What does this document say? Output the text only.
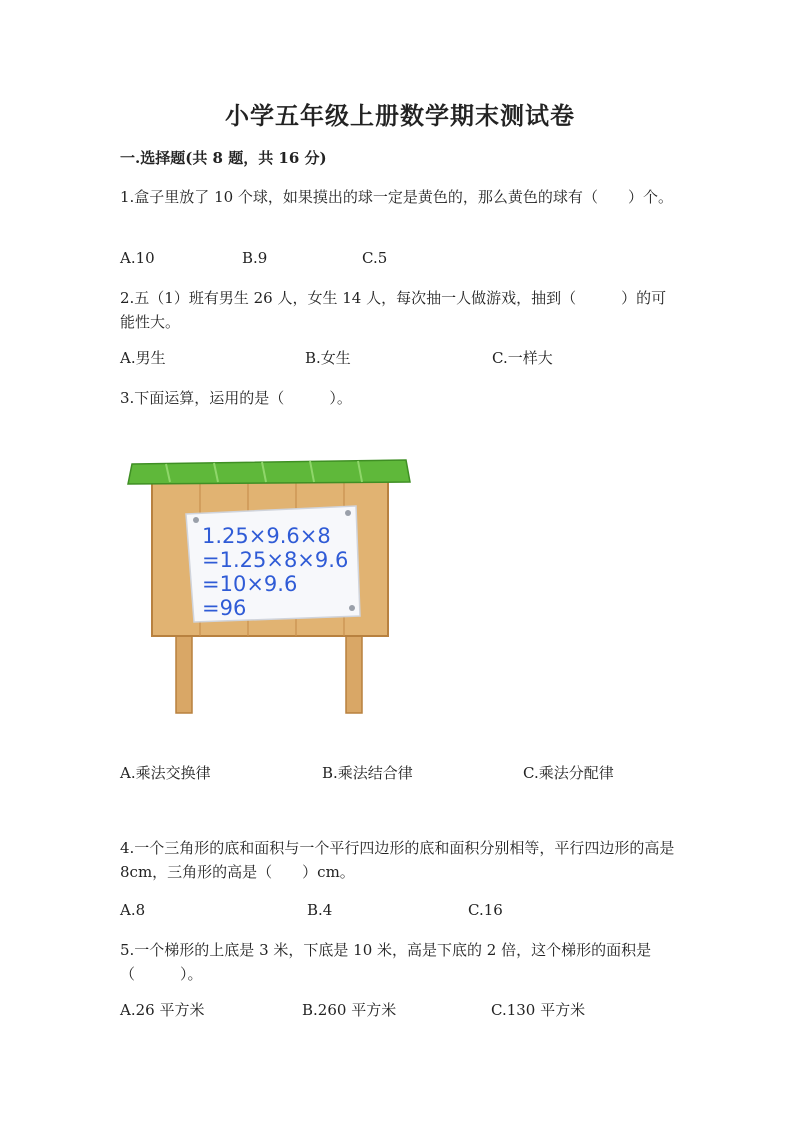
小学五年级上册数学期末测试卷
一.选择题(共 8 题，共 16 分)
1.盒子里放了 10 个球，如果摸出的球一定是黄色的，那么黄色的球有（　　）个。
A.10	B.9	C.5
2.五（1）班有男生 26 人，女生 14 人，每次抽一人做游戏，抽到（　　　）的可能性大。
A.男生	B.女生	C.一样大
3.下面运算，运用的是（　　　）。
1.25×9.6×8
=1.25×8×9.6
=10×9.6
=96
A.乘法交换律	B.乘法结合律	C.乘法分配律
4.一个三角形的底和面积与一个平行四边形的底和面积分别相等，平行四边形的高是 8cm，三角形的高是（　　）cm。
A.8	B.4	C.16
5.一个梯形的上底是 3 米，下底是 10 米，高是下底的 2 倍，这个梯形的面积是（　　　）。
A.26 平方米	B.260 平方米	C.130 平方米
